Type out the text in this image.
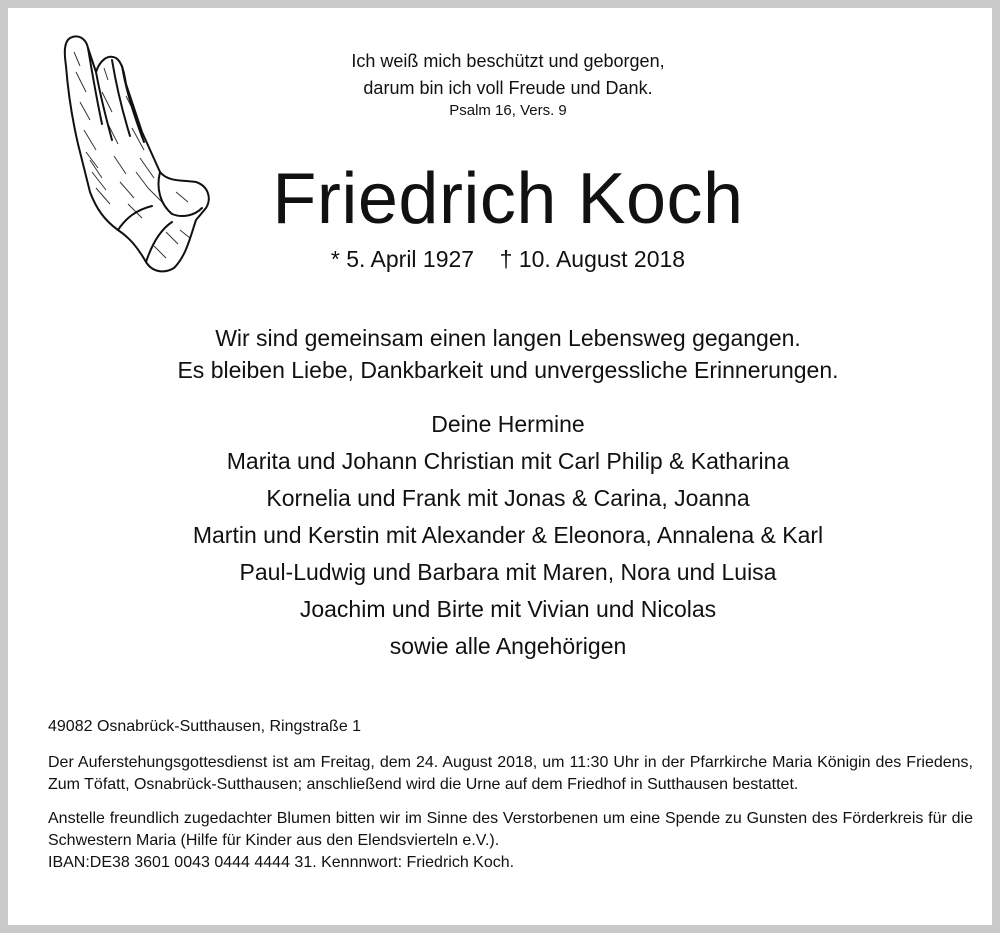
Ich weiß mich beschützt und geborgen,
darum bin ich voll Freude und Dank.
Psalm 16, Vers. 9
Friedrich Koch
* 5. April 1927    † 10. August 2018
Wir sind gemeinsam einen langen Lebensweg gegangen.
Es bleiben Liebe, Dankbarkeit und unvergessliche Erinnerungen.
Deine Hermine
Marita und Johann Christian mit Carl Philip & Katharina
Kornelia und Frank mit Jonas & Carina, Joanna
Martin und Kerstin mit Alexander & Eleonora, Annalena & Karl
Paul-Ludwig und Barbara mit Maren, Nora und Luisa
Joachim und Birte mit Vivian und Nicolas
sowie alle Angehörigen

49082 Osnabrück-Sutthausen, Ringstraße 1

Der Auferstehungsgottesdienst ist am Freitag, dem 24. August 2018, um 11:30 Uhr in der Pfarrkirche Maria Königin des Friedens, Zum Töfatt, Osnabrück-Sutthausen; anschließend wird die Urne auf dem Friedhof in Sutthausen bestattet.

Anstelle freundlich zugedachter Blumen bitten wir im Sinne des Verstorbenen um eine Spende zu Gunsten des Förderkreis für die Schwestern Maria (Hilfe für Kinder aus den Elendsvierteln e.V.).

IBAN:DE38 3601 0043 0444 4444 31. Kennnwort: Friedrich Koch.
